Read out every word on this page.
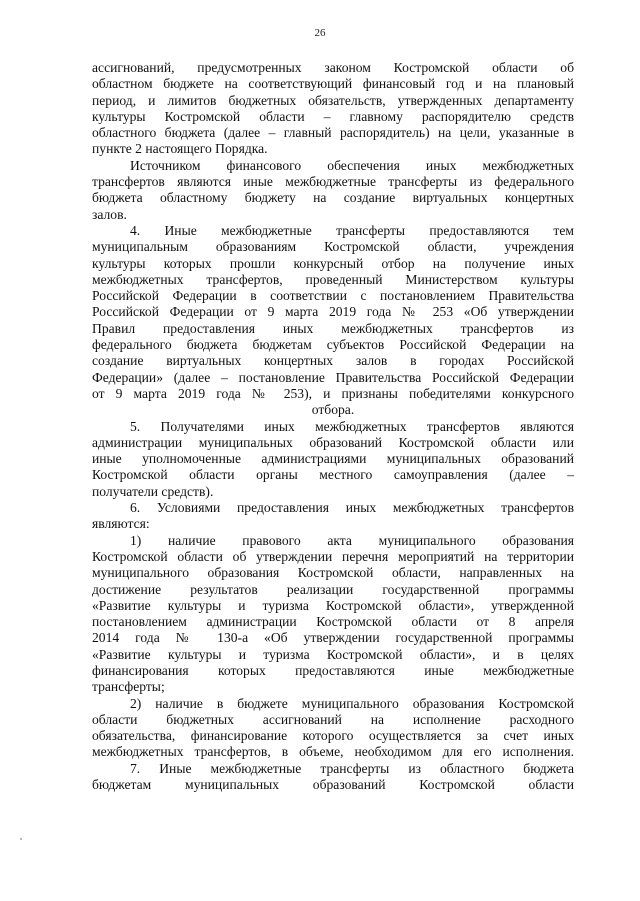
26
ассигнований, предусмотренных законом Костромской области об
областном бюджете на соответствующий финансовый год и на плановый
период, и лимитов бюджетных обязательств, утвержденных департаменту
культуры Костромской области – главному распорядителю средств
областного бюджета (далее – главный распорядитель) на цели, указанные в
пункте 2 настоящего Порядка.
Источником финансового обеспечения иных межбюджетных
трансфертов являются иные межбюджетные трансферты из федерального
бюджета областному бюджету на создание виртуальных концертных
залов.
4. Иные межбюджетные трансферты предоставляются тем
муниципальным образованиям Костромской области, учреждения
культуры которых прошли конкурсный отбор на получение иных
межбюджетных трансфертов, проведенный Министерством культуры
Российской Федерации в соответствии с постановлением Правительства
Российской Федерации от 9 марта 2019 года № 253 «Об утверждении
Правил предоставления иных межбюджетных трансфертов из
федерального бюджета бюджетам субъектов Российской Федерации на
создание виртуальных концертных залов в городах Российской
Федерации» (далее – постановление Правительства Российской Федерации
от 9 марта 2019 года № 253), и признаны победителями конкурсного
отбора.
5. Получателями иных межбюджетных трансфертов являются
администрации муниципальных образований Костромской области или
иные уполномоченные администрациями муниципальных образований
Костромской области органы местного самоуправления (далее –
получатели средств).
6. Условиями предоставления иных межбюджетных трансфертов
являются:
1) наличие правового акта муниципального образования
Костромской области об утверждении перечня мероприятий на территории
муниципального образования Костромской области, направленных на
достижение результатов реализации государственной программы
«Развитие культуры и туризма Костромской области», утвержденной
постановлением администрации Костромской области от 8 апреля
2014 года № 130-а «Об утверждении государственной программы
«Развитие культуры и туризма Костромской области», и в целях
финансирования которых предоставляются иные межбюджетные
трансферты;
2) наличие в бюджете муниципального образования Костромской
области бюджетных ассигнований на исполнение расходного
обязательства, финансирование которого осуществляется за счет иных
межбюджетных трансфертов, в объеме, необходимом для его исполнения.
7. Иные межбюджетные трансферты из областного бюджета
бюджетам муниципальных образований Костромской области
